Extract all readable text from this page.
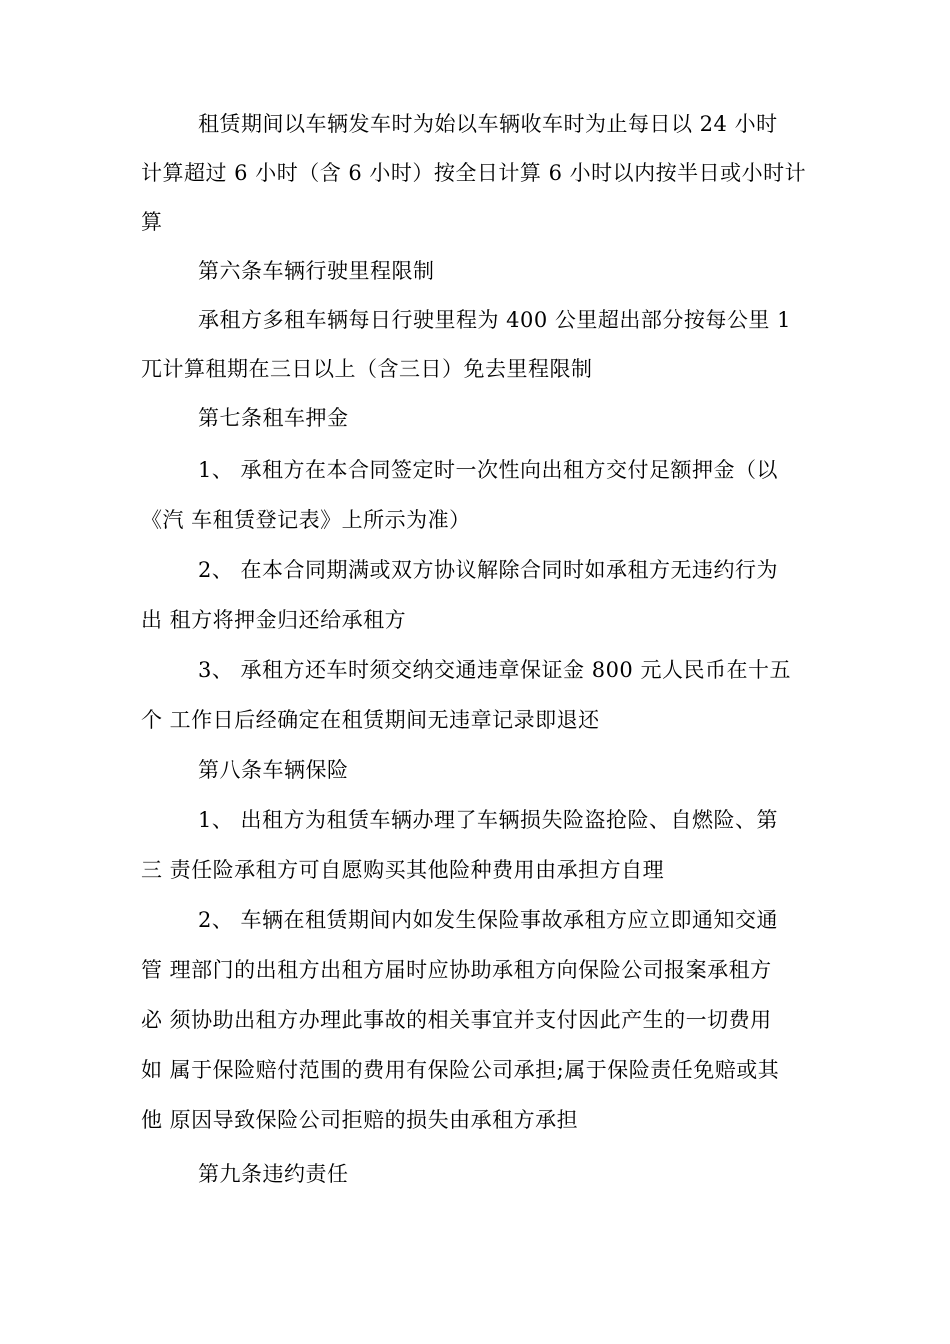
租赁期间以车辆发车时为始以车辆收车时为止每日以 24 小时
计算超过 6 小时（含 6 小时）按全日计算 6 小时以内按半日或小时计
算
第六条车辆行驶里程限制
承租方多租车辆每日行驶里程为 400 公里超出部分按每公里 1
兀计算租期在三日以上（含三日）免去里程限制
第七条租车押金
1、 承租方在本合同签定时一次性向出租方交付足额押金（以
《汽 车租赁登记表》上所示为准）
2、 在本合同期满或双方协议解除合同时如承租方无违约行为
出 租方将押金归还给承租方
3、 承租方还车时须交纳交通违章保证金 800 元人民币在十五
个 工作日后经确定在租赁期间无违章记录即退还
第八条车辆保险
1、 出租方为租赁车辆办理了车辆损失险盗抢险、自燃险、第
三 责任险承租方可自愿购买其他险种费用由承担方自理
2、 车辆在租赁期间内如发生保险事故承租方应立即通知交通
管 理部门的出租方出租方届时应协助承租方向保险公司报案承租方
必 须协助出租方办理此事故的相关事宜并支付因此产生的一切费用
如 属于保险赔付范围的费用有保险公司承担;属于保险责任免赔或其
他 原因导致保险公司拒赔的损失由承租方承担
第九条违约责任
